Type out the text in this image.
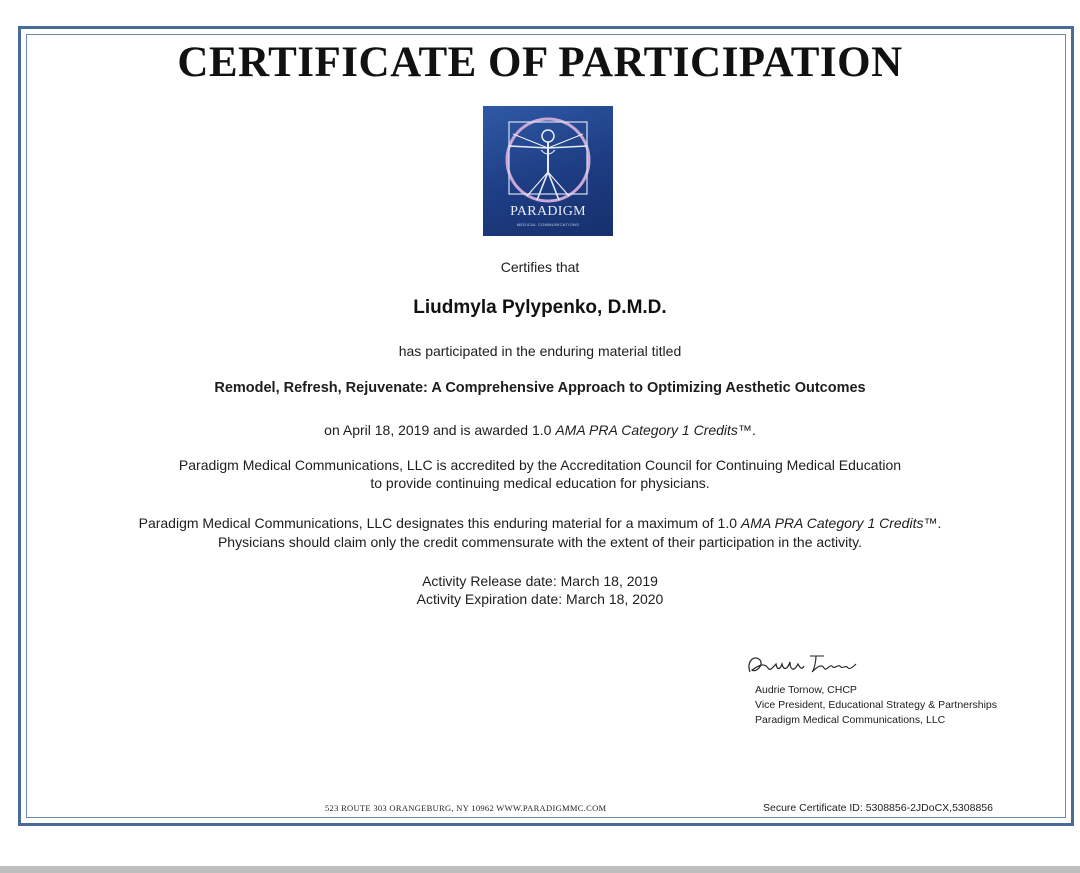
CERTIFICATE OF PARTICIPATION
PARADIGM
MEDICAL COMMUNICATIONS

Certifies that

Liudmyla Pylypenko, D.M.D.

has participated in the enduring material titled

Remodel, Refresh, Rejuvenate: A Comprehensive Approach to Optimizing Aesthetic Outcomes

on April 18, 2019 and is awarded 1.0 AMA PRA Category 1 Credits™.

Paradigm Medical Communications, LLC is accredited by the Accreditation Council for Continuing Medical Education

to provide continuing medical education for physicians.

Paradigm Medical Communications, LLC designates this enduring material for a maximum of 1.0 AMA PRA Category 1 Credits™.

Physicians should claim only the credit commensurate with the extent of their participation in the activity.

Activity Release date: March 18, 2019

Activity Expiration date: March 18, 2020

Audrie Tornow, CHCP
Vice President, Educational Strategy & Partnerships
Paradigm Medical Communications, LLC
523 ROUTE 303 ORANGEBURG, NY 10962 WWW.PARADIGMMC.COM	Secure Certificate ID: 5308856-2JDoCX,5308856
